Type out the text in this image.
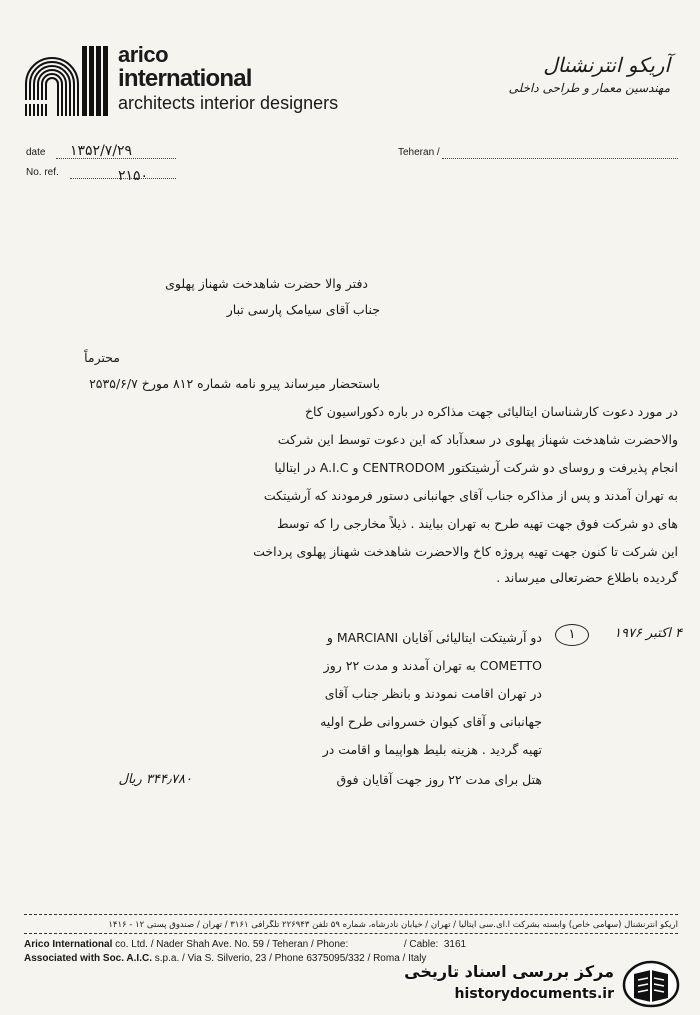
arico
international
architects interior designers
آریکو انترنشنال
مهندسین معمار و طراحی داخلی
date ۱۳۵۲/۷/۲۹
No. ref.	۲۱۵۰
Teheran /
دفتر والا حضرت شاهدخت شهناز پهلوی
جناب آقای سیامک پارسی تبار
محترماً
باستحضار میرساند پیرو نامه شماره ۸۱۲ مورخ ۲۵۳۵/۶/۷
در مورد دعوت کارشناسان ایتالیائی جهت مذاکره در باره دکوراسیون کاخ
والاحضرت شاهدخت شهناز پهلوی در سعدآباد که این دعوت توسط این شرکت
انجام پذیرفت و روسای دو شرکت آرشیتکتور CENTRODOM و A.I.C در ایتالیا
به تهران آمدند و پس از مذاکره جناب آقای جهانبانی دستور فرمودند که آرشیتکت
های دو شرکت فوق جهت تهیه طرح به تهران بیایند . ذیلاً مخارجی را که توسط
این شرکت تا کنون جهت تهیه پروژه کاخ والاحضرت شاهدخت شهناز پهلوی پرداخت
گردیده باطلاع حضرتعالی میرساند .
۴ اکتبر ۱۹۷۶
۱
دو آرشیتکت ایتالیائی آقایان MARCIANI و
COMETTO به تهران آمدند و مدت ۲۲ روز
در تهران اقامت نمودند و بانظر جناب آقای
جهانبانی و آقای کیوان خسروانی طرح اولیه
تهیه گردید . هزینه بلیط هواپیما و اقامت در
هتل برای مدت ۲۲ روز جهت آقایان فوق
۳۴۴٫۷۸۰ ریال
آریکو انترنشنال (سهامی خاص) وابسته بشرکت ا.آی.سی ایتالیا / تهران / خیابان نادرشاه، شماره ۵۹ تلفن ۲۲۶۹۴۳ تلگرافی ۳۱۶۱ / تهران / صندوق پستی ۱۲ - ۱۴۱۶
Arico International co. Ltd. / Nader Shah Ave. No. 59 / Teheran / Phone:                    / Cable:  3161
Associated with Soc. A.I.C. s.p.a. / Via S. Silverio, 23 / Phone 6375095/332 / Roma / Italy
مرکز بررسی اسناد تاریخی
historydocuments.ir
